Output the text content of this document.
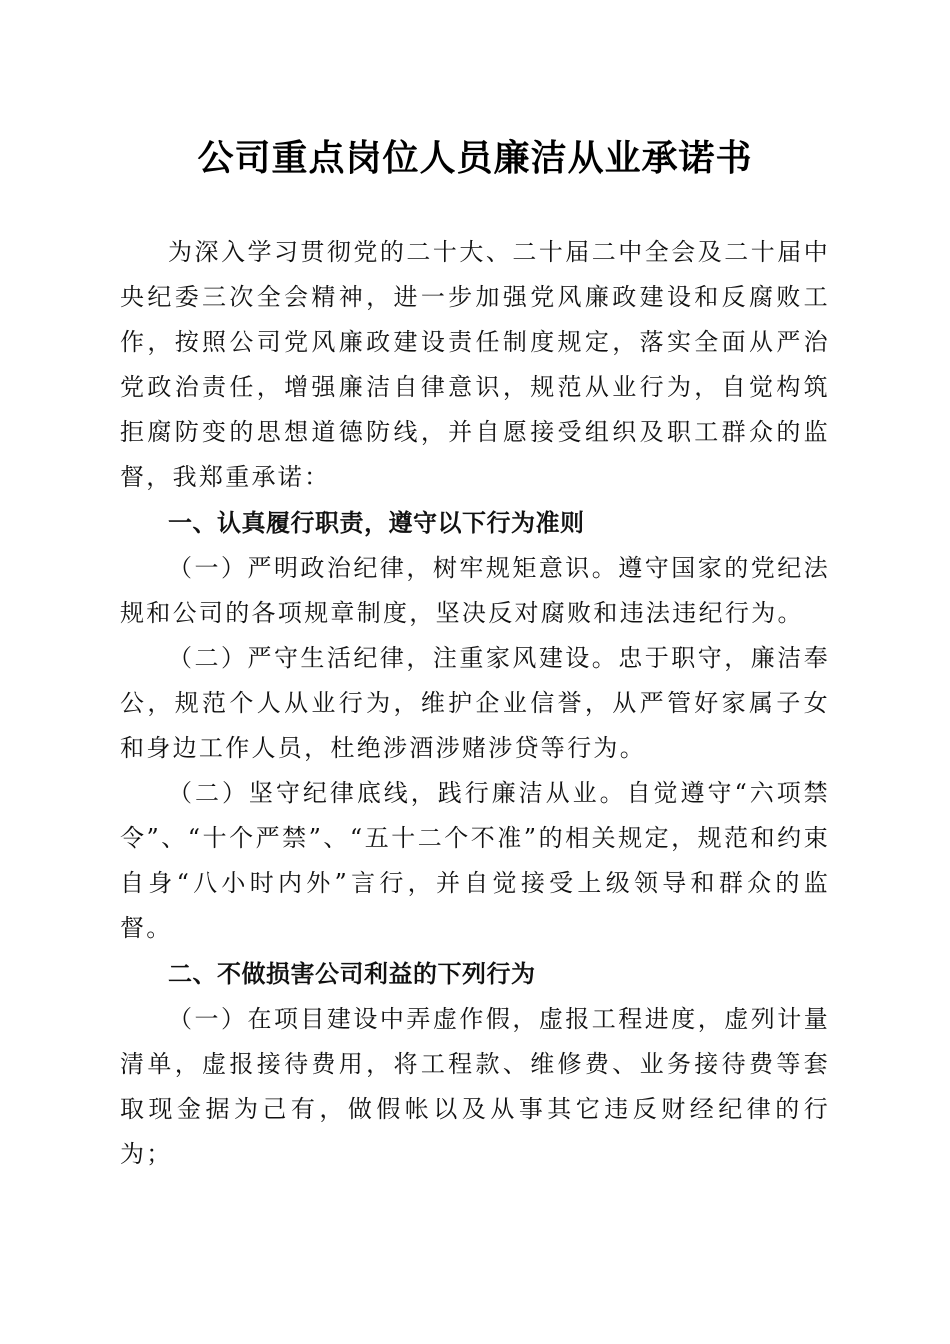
公司重点岗位人员廉洁从业承诺书

为深入学习贯彻党的二十大、二十届二中全会及二十届中央纪委三次全会精神，进一步加强党风廉政建设和反腐败工作，按照公司党风廉政建设责任制度规定，落实全面从严治党政治责任，增强廉洁自律意识，规范从业行为，自觉构筑拒腐防变的思想道德防线，并自愿接受组织及职工群众的监督，我郑重承诺：

一、认真履行职责，遵守以下行为准则

（一）严明政治纪律，树牢规矩意识。遵守国家的党纪法规和公司的各项规章制度，坚决反对腐败和违法违纪行为。

（二）严守生活纪律，注重家风建设。忠于职守，廉洁奉公，规范个人从业行为，维护企业信誉，从严管好家属子女和身边工作人员，杜绝涉酒涉赌涉贷等行为。

（二）坚守纪律底线，践行廉洁从业。自觉遵守“六项禁令”、“十个严禁”、“五十二个不准”的相关规定，规范和约束自身“八小时内外”言行，并自觉接受上级领导和群众的监督。

二、不做损害公司利益的下列行为

（一）在项目建设中弄虚作假，虚报工程进度，虚列计量清单，虚报接待费用，将工程款、维修费、业务接待费等套取现金据为己有，做假帐以及从事其它违反财经纪律的行为；
